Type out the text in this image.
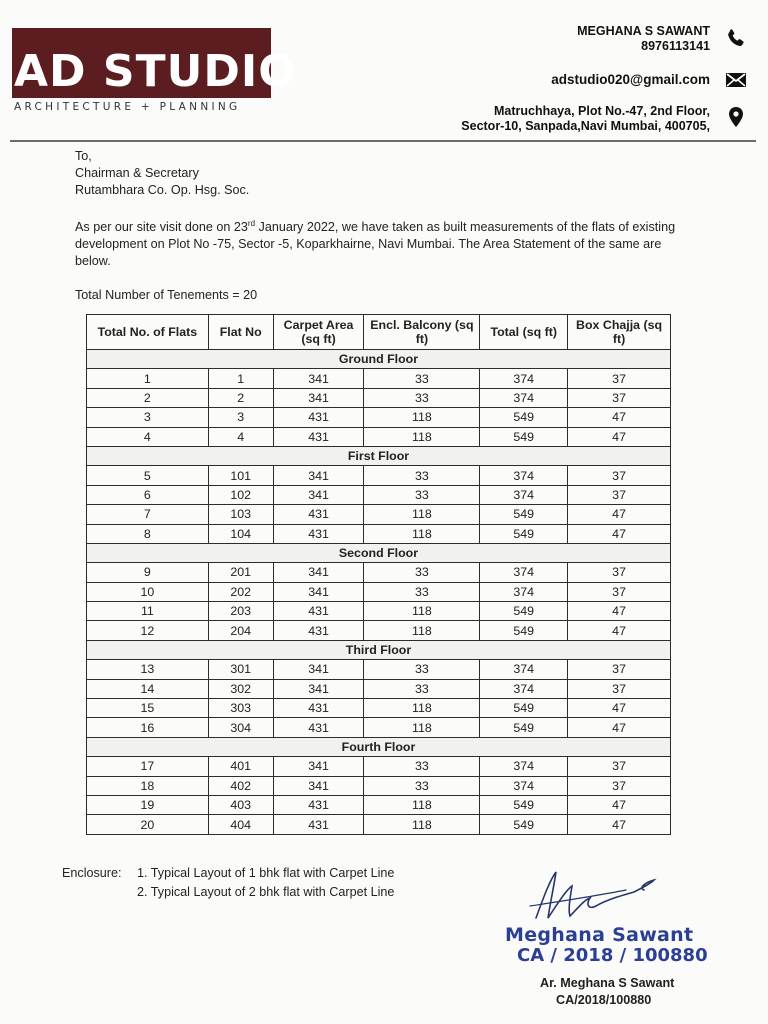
AD STUDIO
ARCHITECTURE + PLANNING
MEGHANA S SAWANT
8976113141
adstudio020@gmail.com
Matruchhaya, Plot No.-47, 2nd Floor,
Sector-10, Sanpada,Navi Mumbai, 400705,
To,
Chairman & Secretary
Rutambhara Co. Op. Hsg. Soc.
As per our site visit done on 23rd January 2022, we have taken as built measurements of the flats of existing development on Plot No -75, Sector -5, Koparkhairne, Navi Mumbai. The Area Statement of the same are below.
Total Number of Tenements = 20
Total No. of Flats	Flat No	Carpet Area (sq ft)	Encl. Balcony (sq ft)	Total (sq ft)	Box Chajja (sq ft)
Ground Floor					
1	1	341	33	374	37
2	2	341	33	374	37
3	3	431	118	549	47
4	4	431	118	549	47
First Floor					
5	101	341	33	374	37
6	102	341	33	374	37
7	103	431	118	549	47
8	104	431	118	549	47
Second Floor					
9	201	341	33	374	37
10	202	341	33	374	37
11	203	431	118	549	47
12	204	431	118	549	47
Third Floor					
13	301	341	33	374	37
14	302	341	33	374	37
15	303	431	118	549	47
16	304	431	118	549	47
Fourth Floor					
17	401	341	33	374	37
18	402	341	33	374	37
19	403	431	118	549	47
20	404	431	118	549	47
Enclosure: 1. Typical Layout of 1 bhk flat with Carpet Line
2. Typical Layout of 2 bhk flat with Carpet Line
Meghana Sawant
CA / 2018 / 100880
Ar. Meghana S Sawant
CA/2018/100880
